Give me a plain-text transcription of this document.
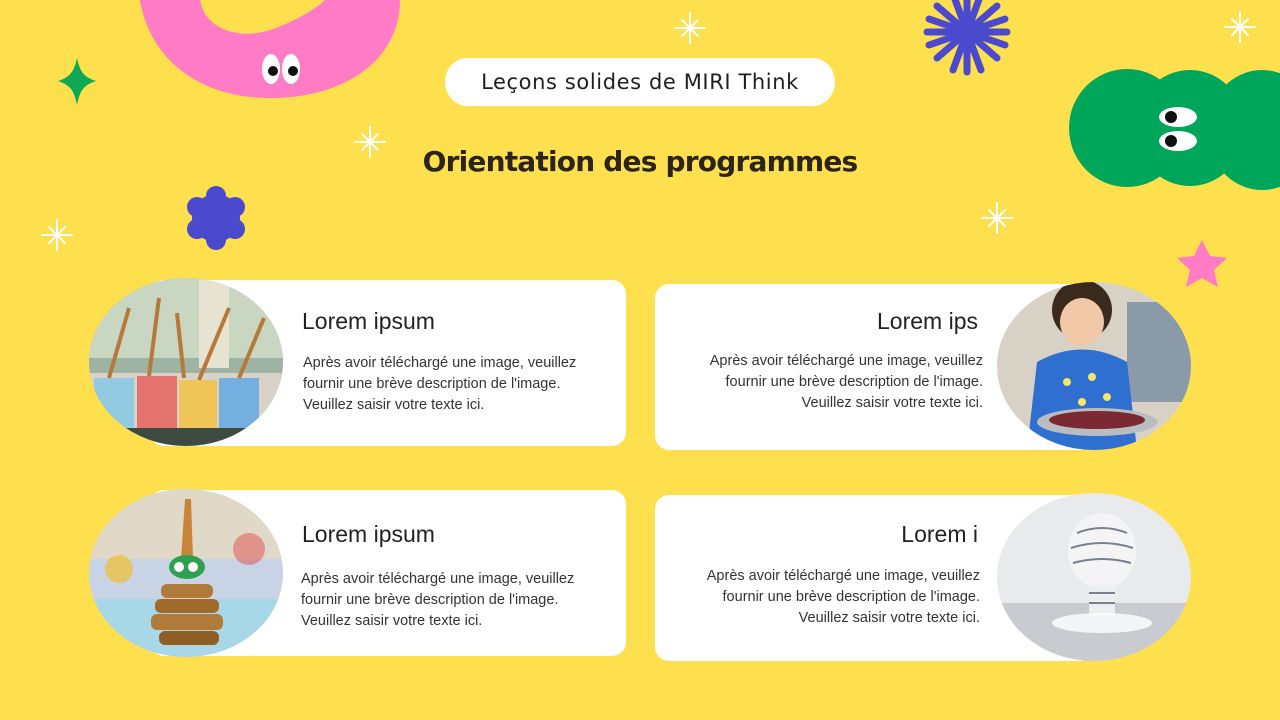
Leçons solides de MIRI Think
Orientation des programmes
Lorem ipsum
Après avoir téléchargé une image, veuillez
fournir une brève description de l'image.
Veuillez saisir votre texte ici.
Lorem ips
Après avoir téléchargé une image, veuillez
fournir une brève description de l'image.
Veuillez saisir votre texte ici.
Lorem ipsum
Après avoir téléchargé une image, veuillez
fournir une brève description de l'image.
Veuillez saisir votre texte ici.
Lorem i
Après avoir téléchargé une image, veuillez
fournir une brève description de l'image.
Veuillez saisir votre texte ici.
